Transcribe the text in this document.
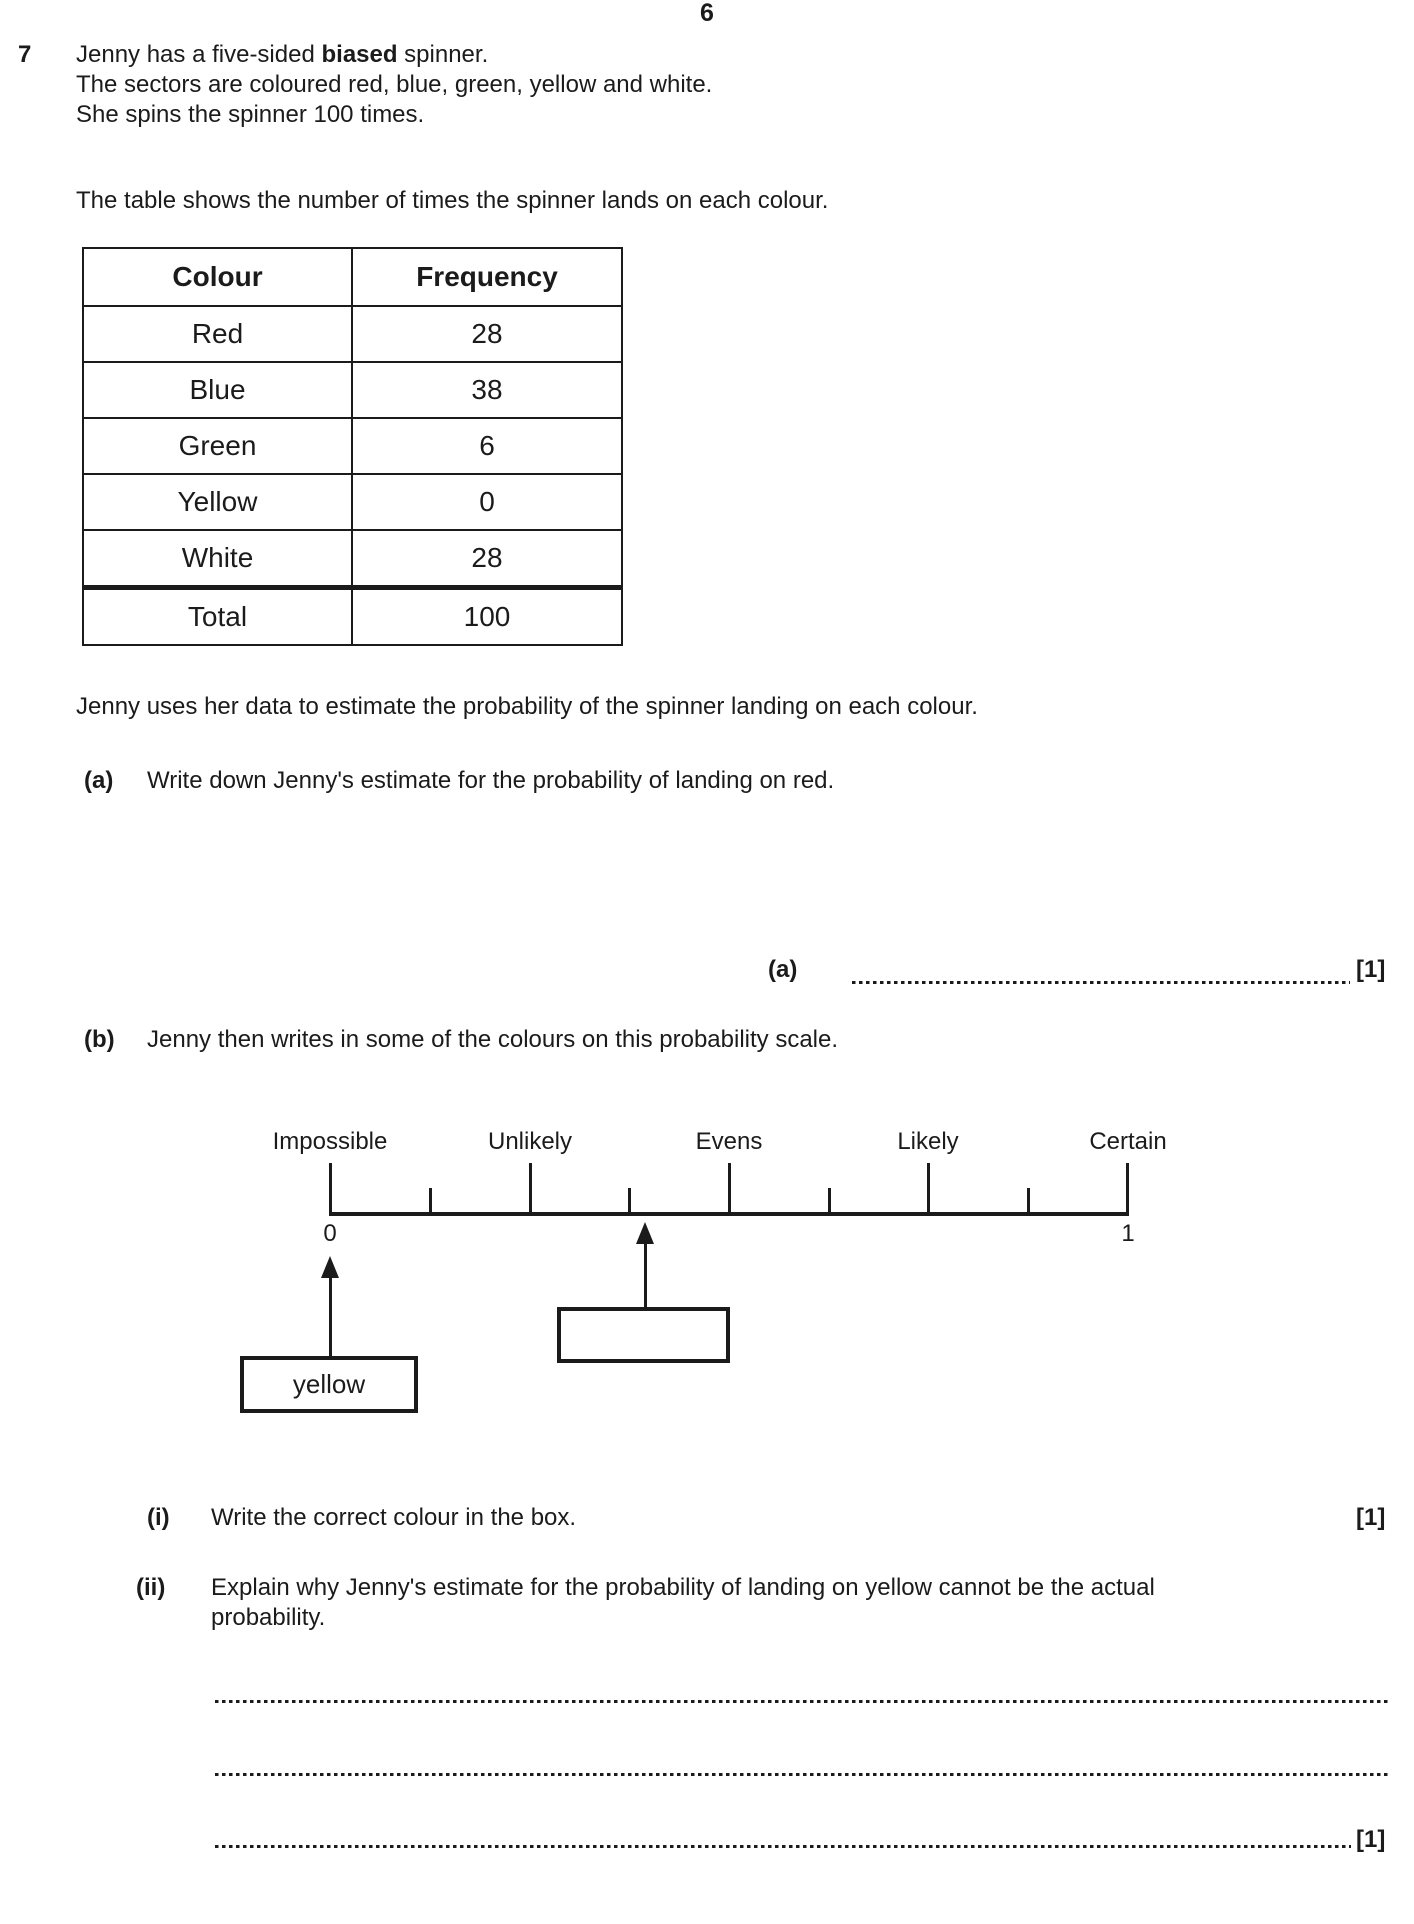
6
7 Jenny has a five-sided biased spinner.
The sectors are coloured red, blue, green, yellow and white.
She spins the spinner 100 times.
The table shows the number of times the spinner lands on each colour.
Colour	Frequency
Red	28
Blue	38
Green	6
Yellow	0
White	28
Total	100
Jenny uses her data to estimate the probability of the spinner landing on each colour.
(a) Write down Jenny's estimate for the probability of landing on red.
(a)	[1]
(b) Jenny then writes in some of the colours on this probability scale.
Impossible	Unlikely	Evens	Likely	Certain
0	1
yellow
(i) Write the correct colour in the box.	[1]
(ii) Explain why Jenny's estimate for the probability of landing on yellow cannot be the actual
probability.
[1]
